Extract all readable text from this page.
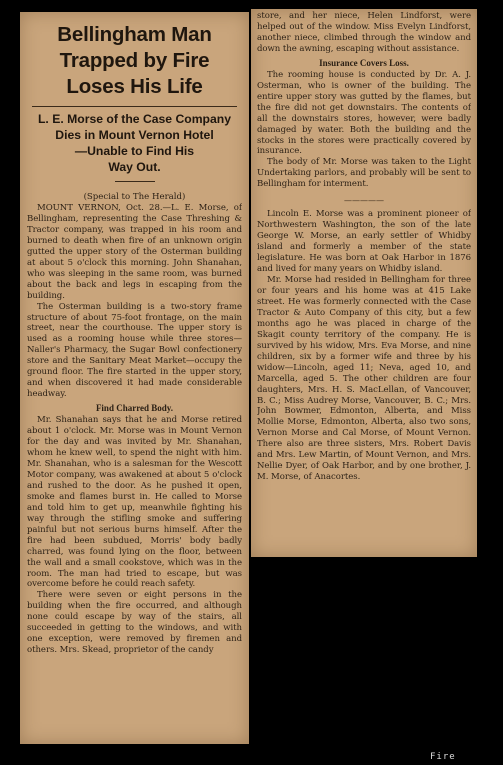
Bellingham Man
Trapped by Fire
Loses His Life
L. E. Morse of the Case Company
Dies in Mount Vernon Hotel
—Unable to Find His
Way Out.
(Special to The Herald)

MOUNT VERNON, Oct. 28.—L. E. Morse, of Bellingham, representing the Case Threshing & Tractor company, was trapped in his room and burned to death when fire of an unknown origin gutted the upper story of the Osterman building at about 5 o'clock this morning. John Shanahan, who was sleeping in the same room, was burned about the back and legs in escaping from the building.

The Osterman building is a two-story frame structure of about 75-foot frontage, on the main street, near the courthouse. The upper story is used as a rooming house while three stores—Naller's Pharmacy, the Sugar Bowl confectionery store and the Sanitary Meat Market—occupy the ground floor. The fire started in the upper story, and when discovered it had made considerable headway.

Find Charred Body.

Mr. Shanahan says that he and Morse retired about 1 o'clock. Mr. Morse was in Mount Vernon for the day and was invited by Mr. Shanahan, whom he knew well, to spend the night with him. Mr. Shanahan, who is a salesman for the Wescott Motor company, was awakened at about 5 o'clock and rushed to the door. As he pushed it open, smoke and flames burst in. He called to Morse and told him to get up, meanwhile fighting his way through the stifling smoke and suffering painful but not serious burns himself. After the fire had been subdued, Morris' body badly charred, was found lying on the floor, between the wall and a small cookstove, which was in the room. The man had tried to escape, but was overcome before he could reach safety.

There were seven or eight persons in the building when the fire occurred, and although none could escape by way of the stairs, all succeeded in getting to the windows, and with one exception, were removed by firemen and others. Mrs. Skead, proprietor of the candy

store, and her niece, Helen Lindforst, were helped out of the window. Miss Evelyn Lindforst, another niece, climbed through the window and down the awning, escaping without assistance.
Insurance Covers Loss.

The rooming house is conducted by Dr. A. J. Osterman, who is owner of the building. The entire upper story was gutted by the flames, but the fire did not get downstairs. The contents of all the downstairs stores, however, were badly damaged by water. Both the building and the stocks in the stores were practically covered by insurance.

The body of Mr. Morse was taken to the Light Undertaking parlors, and probably will be sent to Bellingham for interment.

—————

Lincoln E. Morse was a prominent pioneer of Northwestern Washington, the son of the late George W. Morse, an early settler of Whidby island and formerly a member of the state legislature. He was born at Oak Harbor in 1876 and lived for many years on Whidby island.

Mr. Morse had resided in Bellingham for three or four years and his home was at 415 Lake street. He was formerly connected with the Case Tractor & Auto Company of this city, but a few months ago he was placed in charge of the Skagit county territory of the company. He is survived by his widow, Mrs. Eva Morse, and nine children, six by a former wife and three by his widow—Lincoln, aged 11; Neva, aged 10, and Marcella, aged 5. The other children are four daughters, Mrs. H. S. MacLellan, of Vancouver, B. C.; Miss Audrey Morse, Vancouver, B. C.; Mrs. John Bowmer, Edmonton, Alberta, and Miss Mollie Morse, Edmonton, Alberta, also two sons, Vernon Morse and Cal Morse, of Mount Vernon. There also are three sisters, Mrs. Robert Davis and Mrs. Lew Martin, of Mount Vernon, and Mrs. Nellie Dyer, of Oak Harbor, and by one brother, J. M. Morse, of Anacortes.

Fire
